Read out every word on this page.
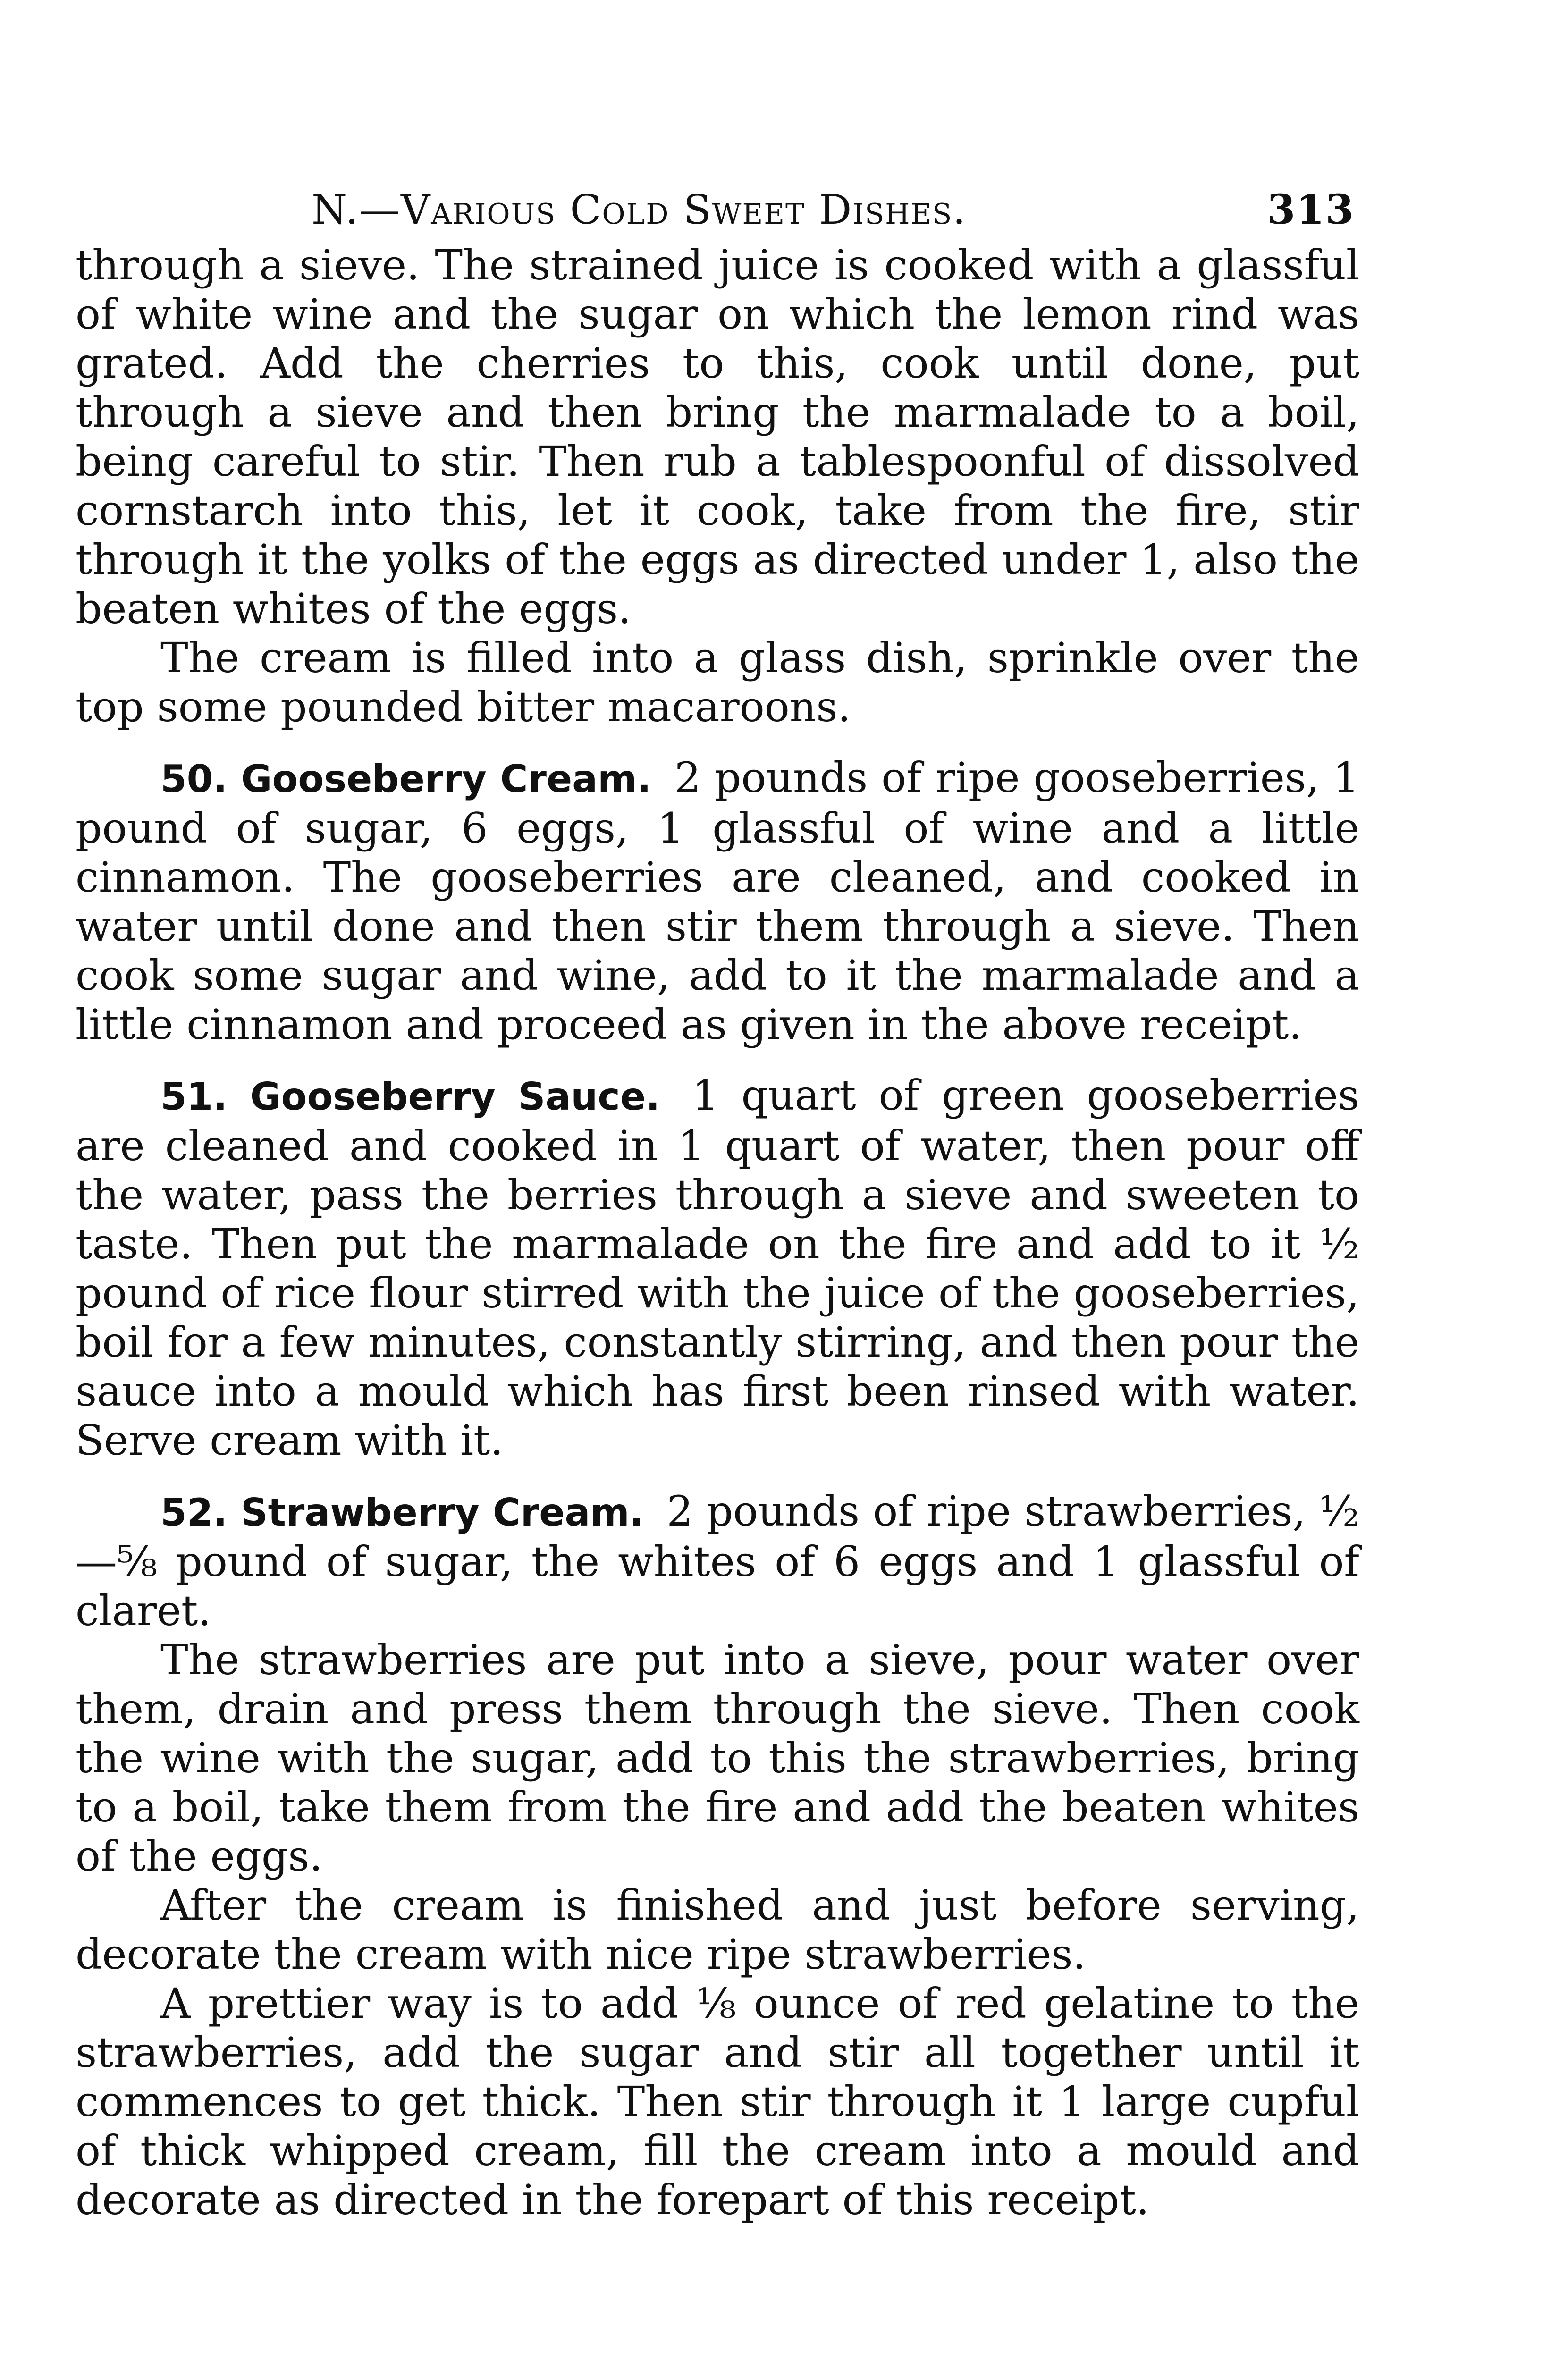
N.—Various Cold Sweet Dishes.	313

through a sieve. The strained juice is cooked with a glassful of white wine and the sugar on which the lemon rind was grated. Add the cherries to this, cook until done, put through a sieve and then bring the marmalade to a boil, being careful to stir. Then rub a tablespoonful of dissolved cornstarch into this, let it cook, take from the fire, stir through it the yolks of the eggs as directed under 1, also the beaten whites of the eggs.

The cream is filled into a glass dish, sprinkle over the top some pounded bitter macaroons.

50. Gooseberry Cream. 2 pounds of ripe gooseberries, 1 pound of sugar, 6 eggs, 1 glassful of wine and a little cinnamon. The gooseberries are cleaned, and cooked in water until done and then stir them through a sieve. Then cook some sugar and wine, add to it the marmalade and a little cinnamon and proceed as given in the above receipt.

51. Gooseberry Sauce. 1 quart of green gooseberries are cleaned and cooked in 1 quart of water, then pour off the water, pass the berries through a sieve and sweeten to taste. Then put the marmalade on the fire and add to it ½ pound of rice flour stirred with the juice of the gooseberries, boil for a few minutes, constantly stirring, and then pour the sauce into a mould which has first been rinsed with water. Serve cream with it.

52. Strawberry Cream. 2 pounds of ripe strawberries, ½—⅝ pound of sugar, the whites of 6 eggs and 1 glassful of claret.

The strawberries are put into a sieve, pour water over them, drain and press them through the sieve. Then cook the wine with the sugar, add to this the strawberries, bring to a boil, take them from the fire and add the beaten whites of the eggs.

After the cream is finished and just before serving, decorate the cream with nice ripe strawberries.

A prettier way is to add ⅛ ounce of red gelatine to the strawberries, add the sugar and stir all together until it commences to get thick. Then stir through it 1 large cupful of thick whipped cream, fill the cream into a mould and decorate as directed in the forepart of this receipt.
